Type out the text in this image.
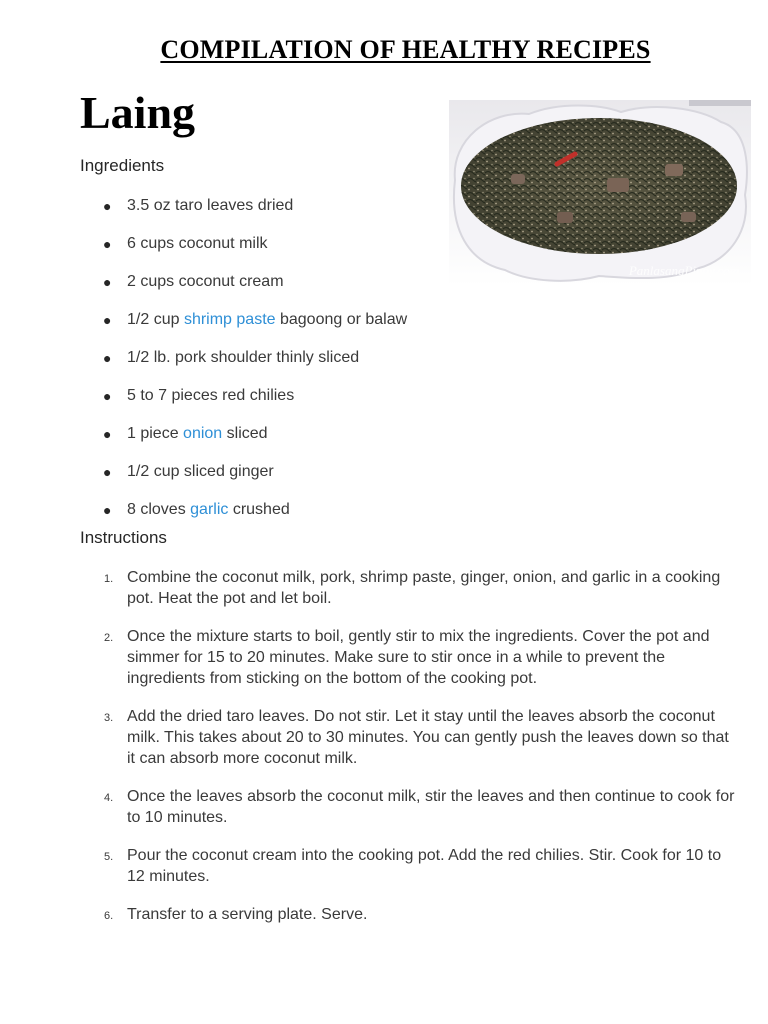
COMPILATION OF HEALTHY RECIPES
Laing
Ingredients
● 3.5 oz taro leaves dried
● 6 cups coconut milk
● 2 cups coconut cream
● 1/2 cup shrimp paste bagoong or balaw
● 1/2 lb. pork shoulder thinly sliced
● 5 to 7 pieces red chilies
● 1 piece onion sliced
● 1/2 cup sliced ginger
● 8 cloves garlic crushed
Instructions
1. Combine the coconut milk, pork, shrimp paste, ginger, onion, and garlic in a cooking pot. Heat the pot and let boil.
2. Once the mixture starts to boil, gently stir to mix the ingredients. Cover the pot and simmer for 15 to 20 minutes. Make sure to stir once in a while to prevent the ingredients from sticking on the bottom of the cooking pot.
3. Add the dried taro leaves. Do not stir. Let it stay until the leaves absorb the coconut milk. This takes about 20 to 30 minutes. You can gently push the leaves down so that it can absorb more coconut milk.
4. Once the leaves absorb the coconut milk, stir the leaves and then continue to cook for to 10 minutes.
5. Pour the coconut cream into the cooking pot. Add the red chilies. Stir. Cook for 10 to 12 minutes.
6. Transfer to a serving plate. Serve.
PanlasangPinoy.com
